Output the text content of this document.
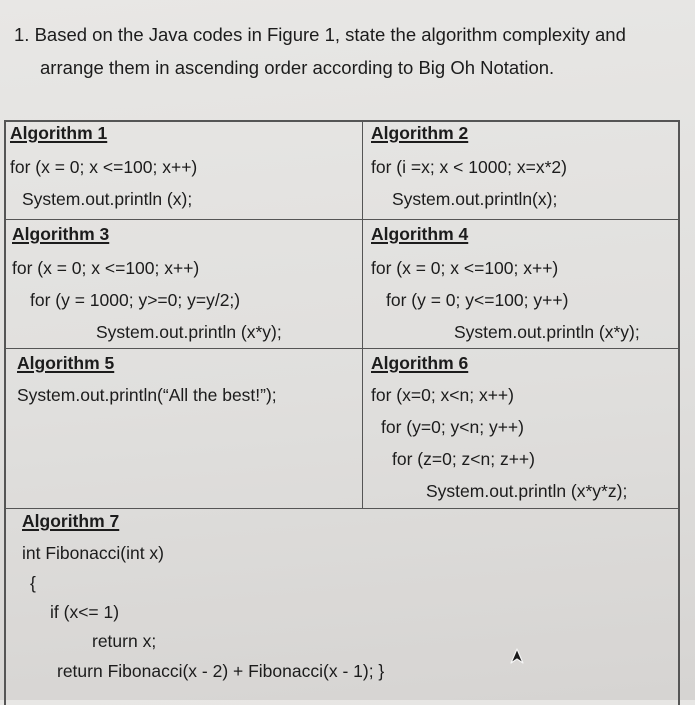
1. Based on the Java codes in Figure 1, state the algorithm complexity and
arrange them in ascending order according to Big Oh Notation.
Algorithm 1
for (x = 0; x <=100; x++)
System.out.println (x);
Algorithm 2
for (i =x; x < 1000; x=x*2)
System.out.println(x);
Algorithm 3
for (x = 0; x <=100; x++)
for (y = 1000; y>=0; y=y/2;)
System.out.println (x*y);
Algorithm 4
for (x = 0; x <=100; x++)
for (y = 0; y<=100; y++)
System.out.println (x*y);
Algorithm 5
System.out.println(“All the best!”);
Algorithm 6
for (x=0; x<n; x++)
for (y=0; y<n; y++)
for (z=0; z<n; z++)
System.out.println (x*y*z);
Algorithm 7
int Fibonacci(int x)
{
if (x<= 1)
return x;
return Fibonacci(x - 2) + Fibonacci(x - 1); }
